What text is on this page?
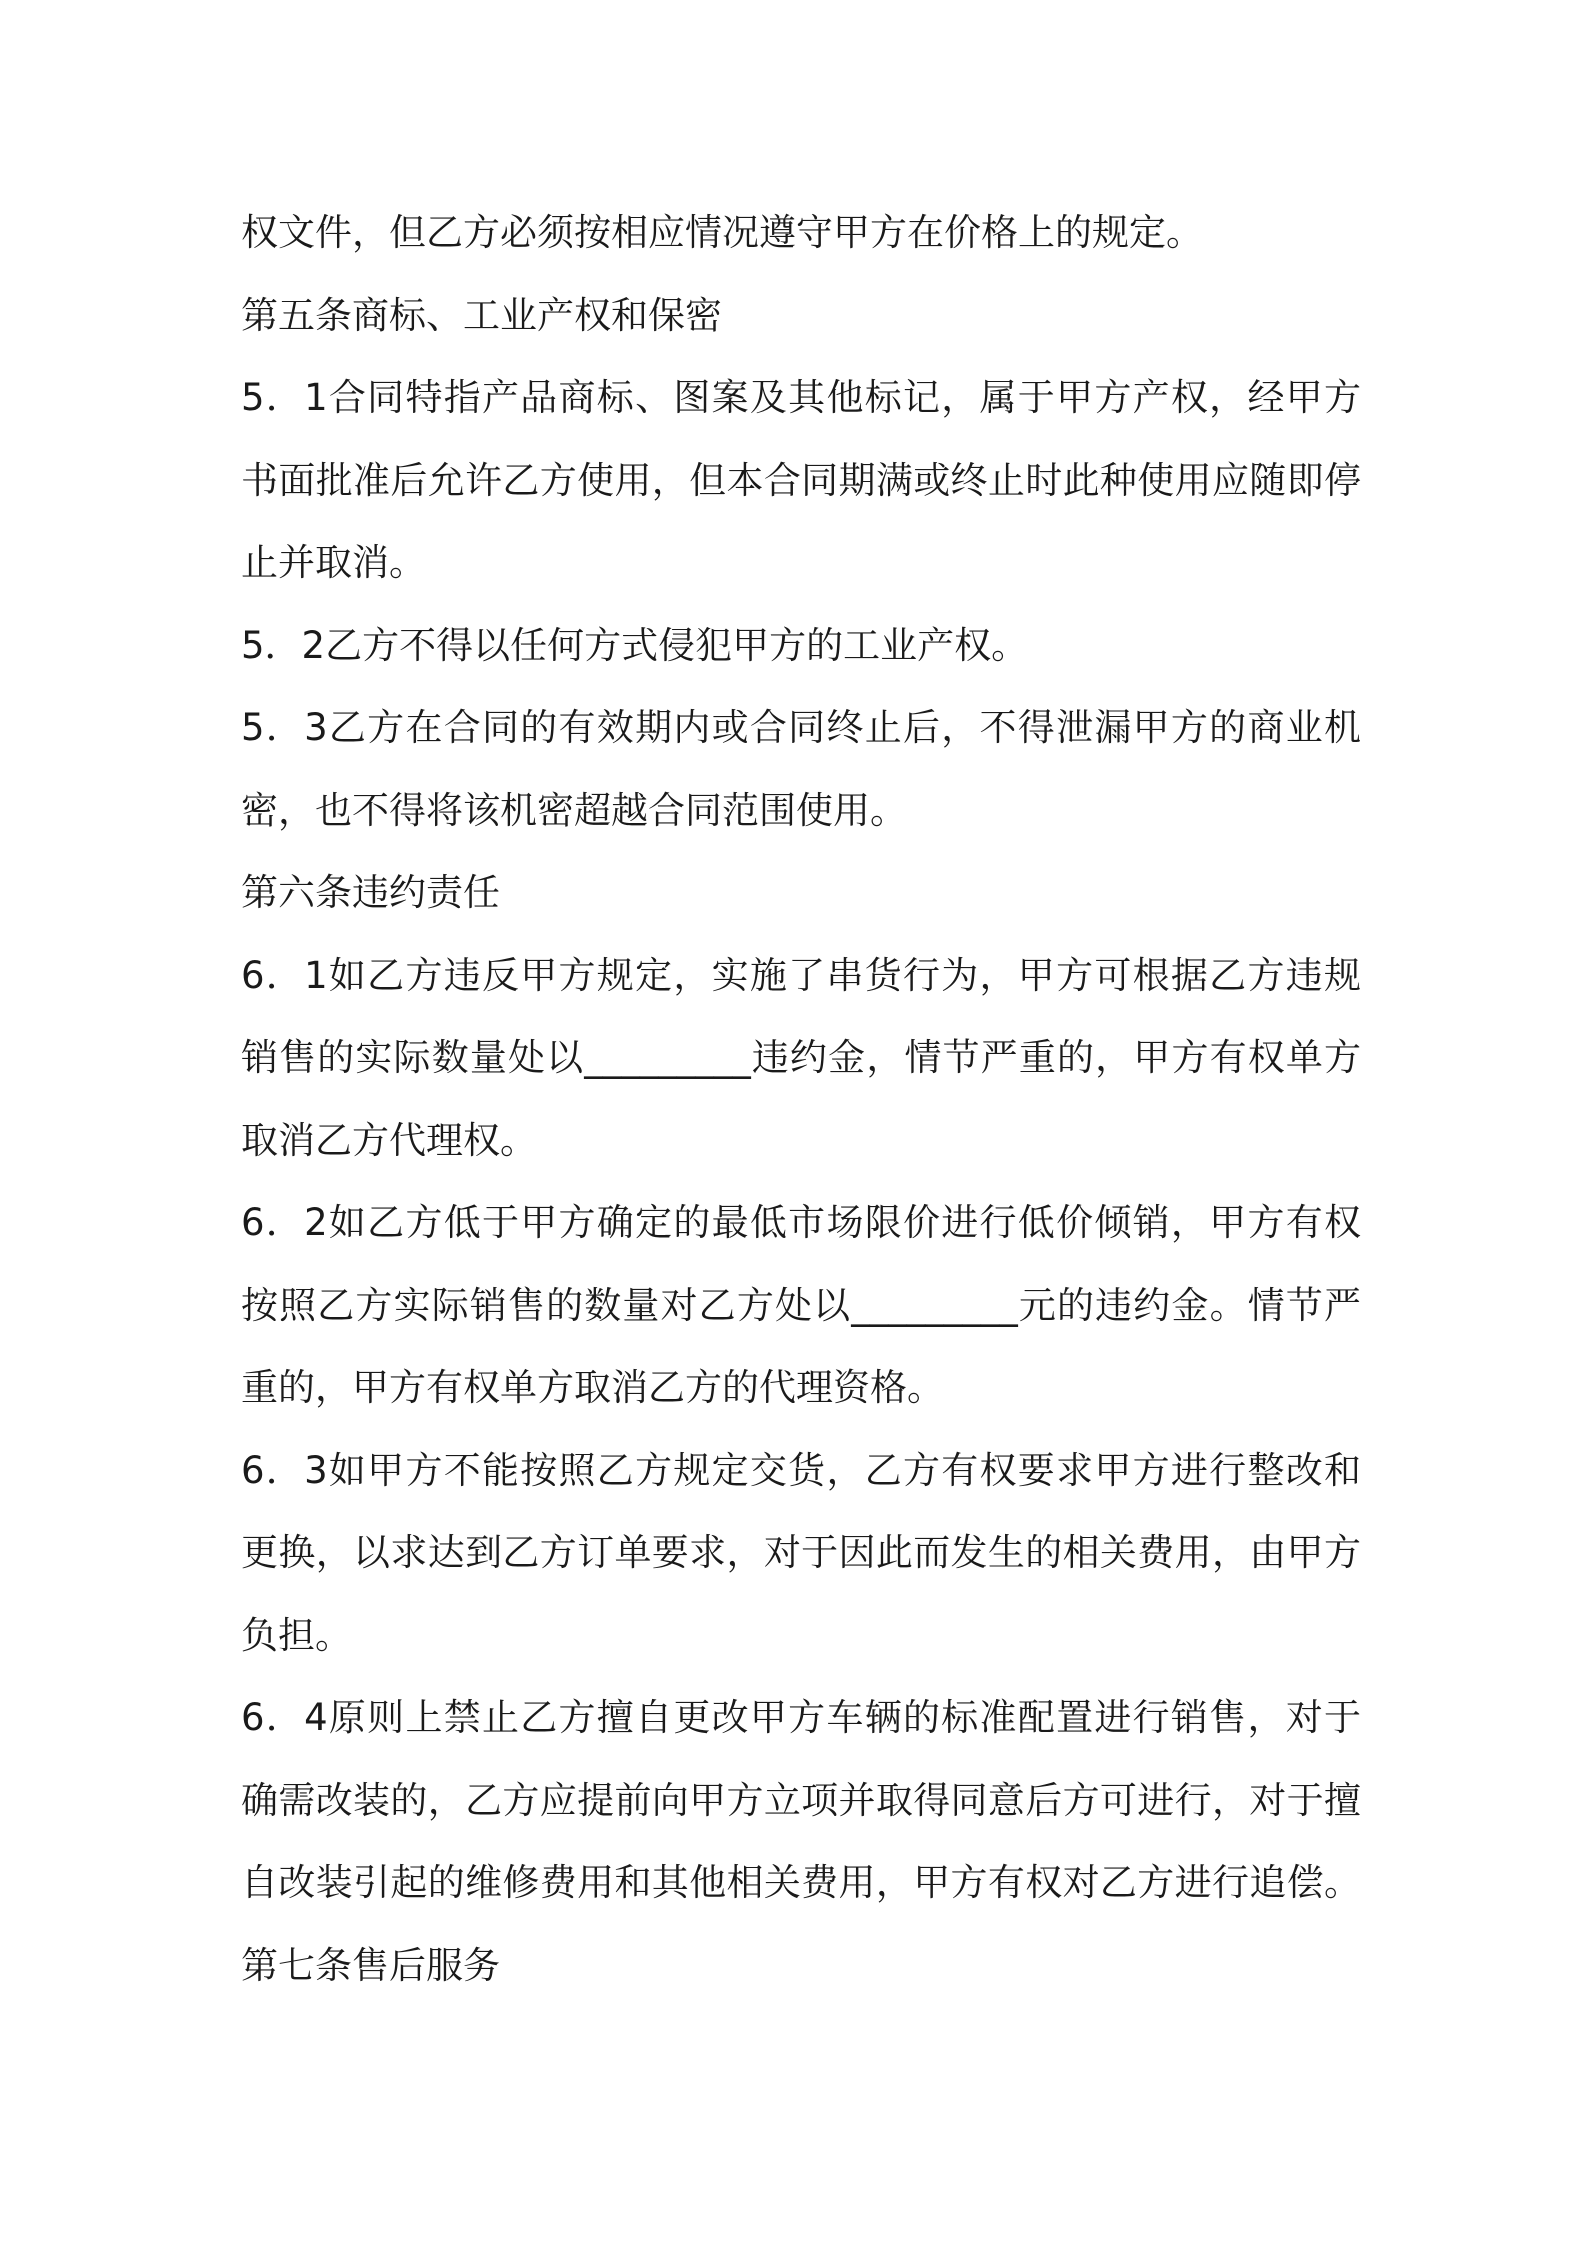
权文件，但乙方必须按相应情况遵守甲方在价格上的规定。
第五条商标、工业产权和保密
5．1合同特指产品商标、图案及其他标记，属于甲方产权，经甲方
书面批准后允许乙方使用，但本合同期满或终止时此种使用应随即停
止并取消。
5．2乙方不得以任何方式侵犯甲方的工业产权。
5．3乙方在合同的有效期内或合同终止后，不得泄漏甲方的商业机
密，也不得将该机密超越合同范围使用。
第六条违约责任
6．1如乙方违反甲方规定，实施了串货行为，甲方可根据乙方违规
销售的实际数量处以_________违约金，情节严重的，甲方有权单方
取消乙方代理权。
6．2如乙方低于甲方确定的最低市场限价进行低价倾销，甲方有权
按照乙方实际销售的数量对乙方处以_________元的违约金。情节严
重的，甲方有权单方取消乙方的代理资格。
6．3如甲方不能按照乙方规定交货，乙方有权要求甲方进行整改和
更换，以求达到乙方订单要求，对于因此而发生的相关费用，由甲方
负担。
6．4原则上禁止乙方擅自更改甲方车辆的标准配置进行销售，对于
确需改装的，乙方应提前向甲方立项并取得同意后方可进行，对于擅
自改装引起的维修费用和其他相关费用，甲方有权对乙方进行追偿。
第七条售后服务
